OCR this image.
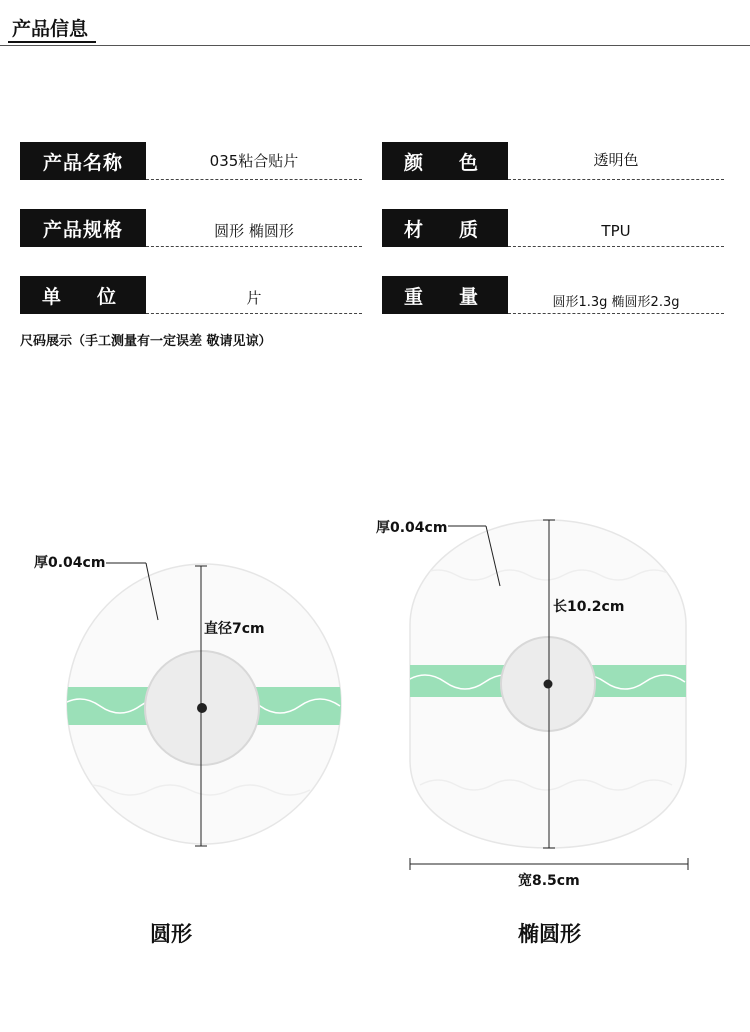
产品信息
产品名称	035粘合贴片	颜 色	透明色
产品规格	圆形 椭圆形	材 质	TPU
单 位	片	重 量	圆形1.3g 椭圆形2.3g
尺码展示（手工测量有一定误差 敬请见谅）
厚0.04cm
直径7cm
圆形
厚0.04cm
长10.2cm
宽8.5cm
椭圆形
